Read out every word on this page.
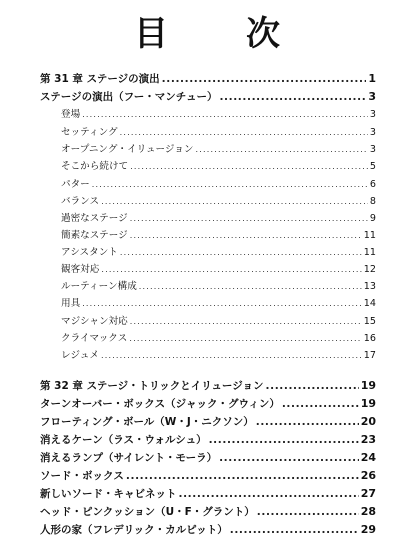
目　次
第 31 章 ステージの演出 .....	1
ステージの演出（フー・マンチュー） .....	3
登場 .....	3
セッティング .....	3
オープニング・イリュージョン .....	3
そこから続けて .....	5
パター .....	6
バランス .....	8
過密なステージ .....	9
簡素なステージ .....	11
アシスタント .....	11
観客対応 .....	12
ルーティーン構成 .....	13
用具 .....	14
マジシャン対応 .....	15
クライマックス .....	16
レジュメ .....	17
第 32 章 ステージ・トリックとイリュージョン .....	19
ターンオーバー・ボックス（ジャック・グウィン） .....	19
フローティング・ボール（W・J・ニクソン） .....	20
消えるケーン（ラス・ウォルシュ） .....	23
消えるランプ（サイレント・モーラ） .....	24
ソード・ボックス .....	26
新しいソード・キャビネット .....	27
ヘッド・ピンクッション（U・F・グラント） .....	28
人形の家（フレデリック・カルピット） .....	29
